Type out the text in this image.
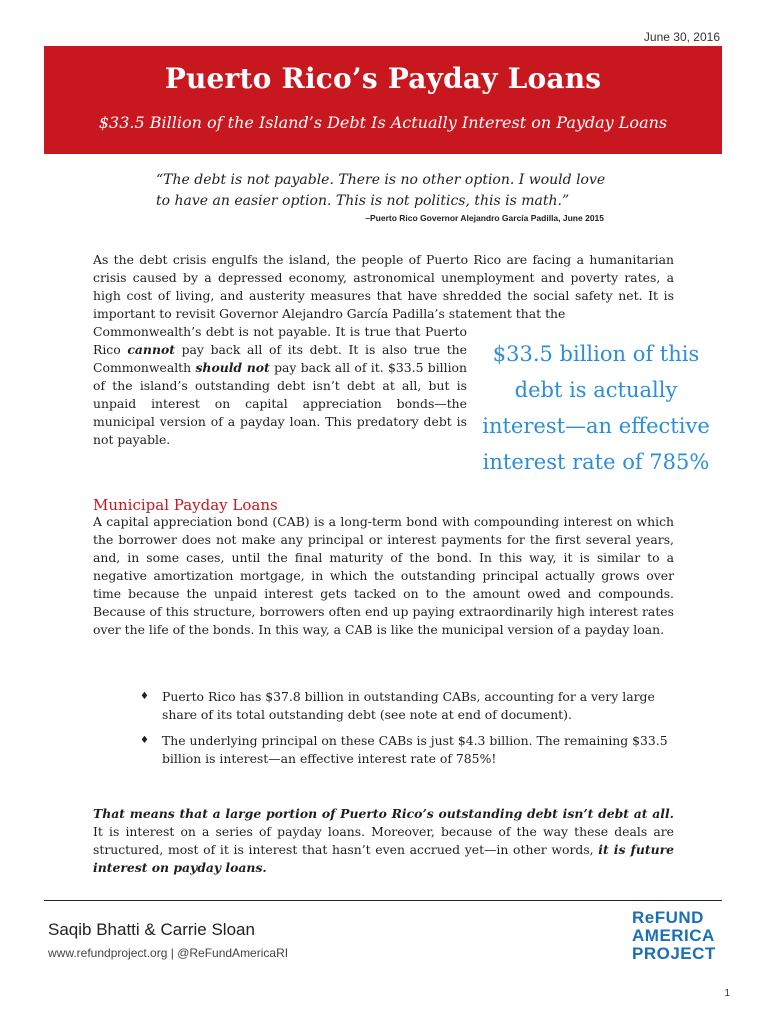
June 30, 2016
Puerto Rico’s Payday Loans
$33.5 Billion of the Island’s Debt Is Actually Interest on Payday Loans
“The debt is not payable. There is no other option. I would love to have an easier option. This is not politics, this is math.”
–Puerto Rico Governor Alejandro García Padilla, June 2015
As the debt crisis engulfs the island, the people of Puerto Rico are facing a humanitarian crisis caused by a depressed economy, astronomical unemployment and poverty rates, a high cost of living, and austerity measures that have shredded the social safety net. It is important to revisit Governor Alejandro García Padilla’s statement that the
Commonwealth’s debt is not payable. It is true that Puerto Rico cannot pay back all of its debt. It is also true the Commonwealth should not pay back all of it. $33.5 billion of the island’s outstanding debt isn’t debt at all, but is unpaid interest on capital appreciation bonds—the municipal version of a payday loan. This predatory debt is not payable.
$33.5 billion of this debt is actually interest—an effective interest rate of 785%
Municipal Payday Loans
A capital appreciation bond (CAB) is a long-term bond with compounding interest on which the borrower does not make any principal or interest payments for the first several years, and, in some cases, until the final maturity of the bond. In this way, it is similar to a negative amortization mortgage, in which the outstanding principal actually grows over time because the unpaid interest gets tacked on to the amount owed and compounds. Because of this structure, borrowers often end up paying extraordinarily high interest rates over the life of the bonds. In this way, a CAB is like the municipal version of a payday loan.
♦ Puerto Rico has $37.8 billion in outstanding CABs, accounting for a very large share of its total outstanding debt (see note at end of document).
♦ The underlying principal on these CABs is just $4.3 billion. The remaining $33.5 billion is interest—an effective interest rate of 785%!
That means that a large portion of Puerto Rico’s outstanding debt isn’t debt at all. It is interest on a series of payday loans. Moreover, because of the way these deals are structured, most of it is interest that hasn’t even accrued yet—in other words, it is future interest on payday loans.
Saqib Bhatti & Carrie Sloan
www.refundproject.org | @ReFundAmericaRI
ReFUND
AMERICA
PROJECT
1
